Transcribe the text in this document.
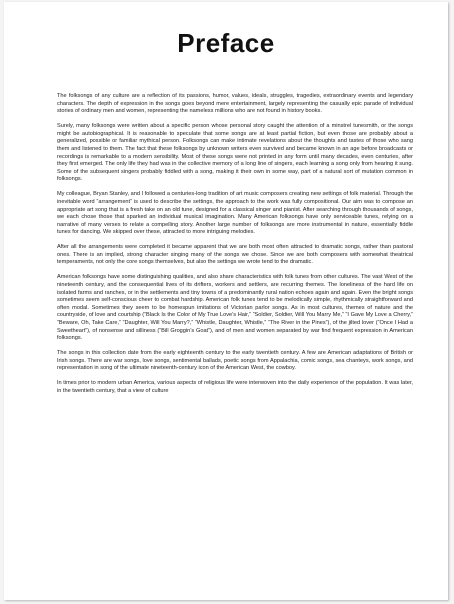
Preface

The folksongs of any culture are a reflection of its passions, humor, values, ideals, struggles, tragedies, extraordinary events and legendary characters. The depth of expression in the songs goes beyond mere entertainment, largely representing the casually epic parade of individual stories of ordinary men and women, representing the nameless millions who are not found in history books.

Surely, many folksongs were written about a specific person whose personal story caught the attention of a minstrel tunesmith, or the songs might be autobiographical. It is reasonable to speculate that some songs are at least partial fiction, but even those are probably about a generalized, possible or familiar mythical person. Folksongs can make intimate revelations about the thoughts and tastes of those who sang them and listened to them. The fact that these folksongs by unknown writers even survived and became known in an age before broadcasts or recordings is remarkable to a modern sensibility. Most of these songs were not printed in any form until many decades, even centuries, after they first emerged. The only life they had was in the collective memory of a long line of singers, each learning a song only from hearing it sung. Some of the subsequent singers probably fiddled with a song, making it their own in some way, part of a natural sort of mutation common in folksongs.

My colleague, Bryan Stanley, and I followed a centuries-long tradition of art music composers creating new settings of folk material. Through the inevitable word “arrangement” is used to describe the settings, the approach to the work was fully compositional. Our aim was to compose an appropriate art song that is a fresh take on an old tune, designed for a classical singer and pianist. After searching through thousands of songs, we each chose those that sparked an individual musical imagination. Many American folksongs have only serviceable tunes, relying on a narrative of many verses to relate a compelling story. Another large number of folksongs are more instrumental in nature, essentially fiddle tunes for dancing. We skipped over these, attracted to more intriguing melodies.

After all the arrangements were completed it became apparent that we are both most often attracted to dramatic songs, rather than pastoral ones. There is an implied, strong character singing many of the songs we chose. Since we are both composers with somewhat theatrical temperaments, not only the core songs themselves, but also the settings we wrote tend to the dramatic.

American folksongs have some distinguishing qualities, and also share characteristics with folk tunes from other cultures. The vast West of the nineteenth century, and the consequential lives of its drifters, workers and settlers, are recurring themes. The loneliness of the hard life on isolated farms and ranches, or in the settlements and tiny towns of a predominantly rural nation echoes again and again. Even the bright songs sometimes seem self-conscious cheer to combat hardship. American folk tunes tend to be melodically simple, rhythmically straightforward and often modal. Sometimes they seem to be homespun imitations of Victorian parlor songs. As in most cultures, themes of nature and the countryside, of love and courtship (“Black Is the Color of My True Love’s Hair,” “Soldier, Soldier, Will You Marry Me,” “I Gave My Love a Cherry,” “Beware, Oh, Take Care,” “Daughter, Will You Marry?,” “Whistle, Daughter, Whistle,” “The River in the Pines”), of the jilted lover (“Once I Had a Sweetheart”), of nonsense and silliness (“Bill Groggin’s Goat”), and of men and women separated by war find frequent expression in American folksongs.

The songs in this collection date from the early eighteenth century to the early twentieth century. A few are American adaptations of British or Irish songs. There are war songs, love songs, sentimental ballads, poetic songs from Appalachia, comic songs, sea chanteys, work songs, and representation in song of the ultimate nineteenth-century icon of the American West, the cowboy.

In times prior to modern urban America, various aspects of religious life were interwoven into the daily experience of the population. It was later, in the twentieth century, that a view of culture
